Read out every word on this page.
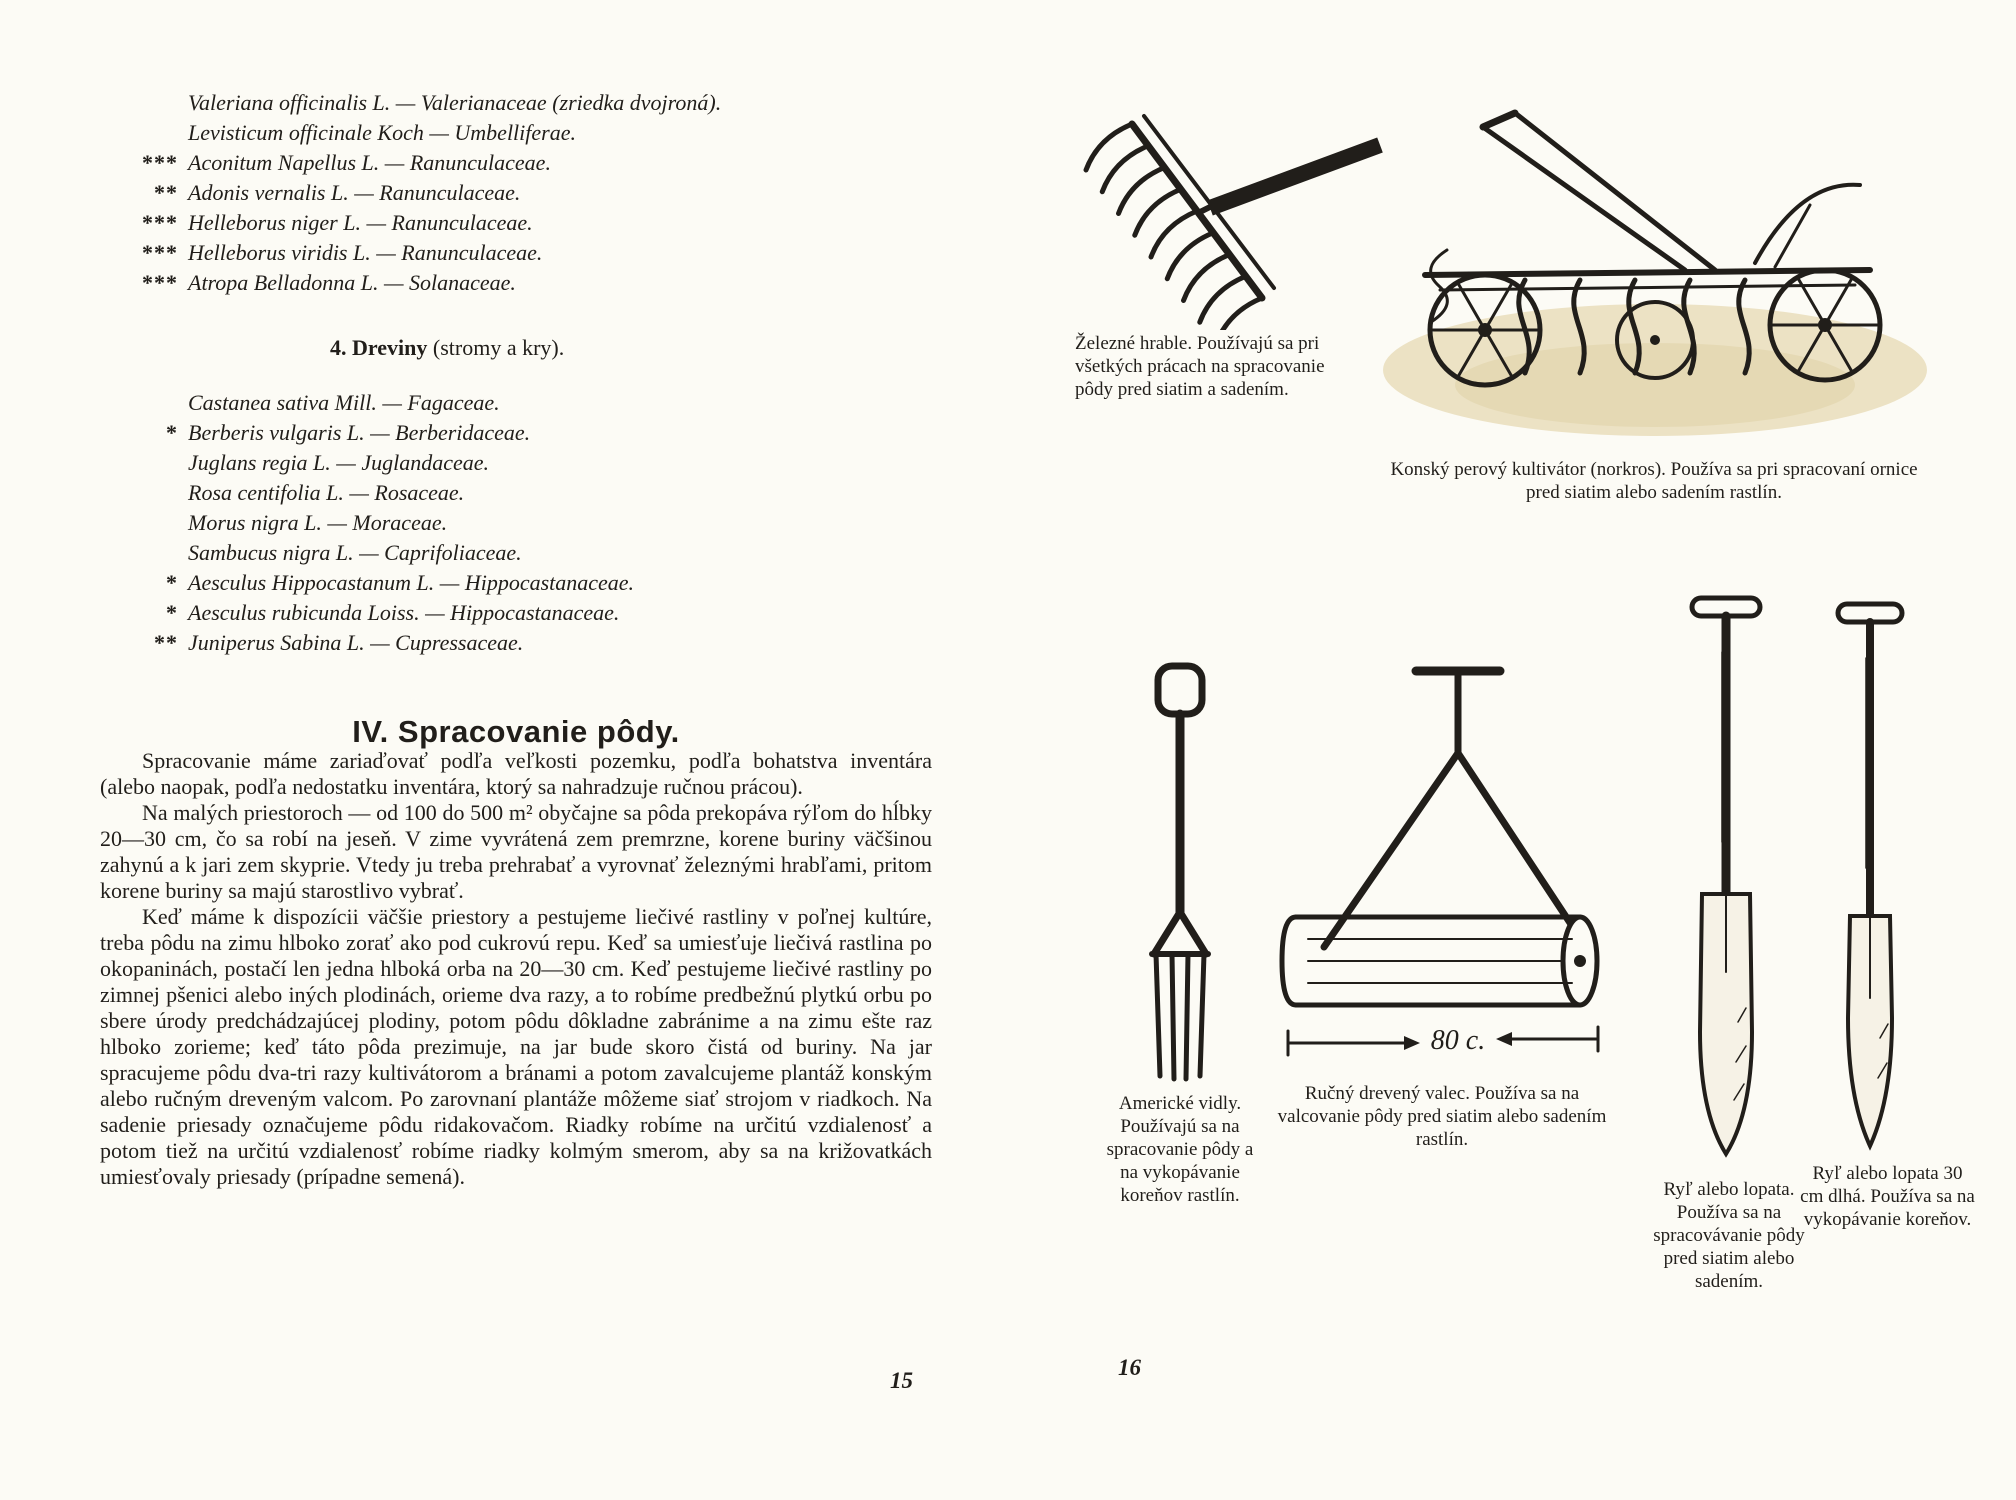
Valeriana officinalis L. — Valerianaceae (zriedka dvojroná).
Levisticum officinale Koch — Umbelliferae.
*** Aconitum Napellus L. — Ranunculaceae.
** Adonis vernalis L. — Ranunculaceae.
*** Helleborus niger L. — Ranunculaceae.
*** Helleborus viridis L. — Ranunculaceae.
*** Atropa Belladonna L. — Solanaceae.
4. Dreviny (stromy a kry).
Castanea sativa Mill. — Fagaceae.
* Berberis vulgaris L. — Berberidaceae.
Juglans regia L. — Juglandaceae.
Rosa centifolia L. — Rosaceae.
Morus nigra L. — Moraceae.
Sambucus nigra L. — Caprifoliaceae.
* Aesculus Hippocastanum L. — Hippocastanaceae.
* Aesculus rubicunda Loiss. — Hippocastanaceae.
** Juniperus Sabina L. — Cupressaceae.
IV. Spracovanie pôdy.

Spracovanie máme zariaďovať podľa veľkosti pozemku, podľa bohatstva inventára (alebo naopak, podľa nedostatku inventára, ktorý sa nahradzuje ručnou prácou).

Na malých priestoroch — od 100 do 500 m² obyčajne sa pôda prekopáva rýľom do hĺbky 20—30 cm, čo sa robí na jeseň. V zime vyvrátená zem premrzne, korene buriny väčšinou zahynú a k jari zem skyprie. Vtedy ju treba prehrabať a vyrovnať železnými hrabľami, pritom korene buriny sa majú starostlivo vybrať.

Keď máme k dispozícii väčšie priestory a pestujeme liečivé rastliny v poľnej kultúre, treba pôdu na zimu hlboko zorať ako pod cukrovú repu. Keď sa umiesťuje liečivá rastlina po okopaninách, postačí len jedna hlboká orba na 20—30 cm. Keď pestujeme liečivé rastliny po zimnej pšenici alebo iných plodinách, orieme dva razy, a to robíme predbežnú plytkú orbu po sbere úrody predchádzajúcej plodiny, potom pôdu dôkladne zabránime a na zimu ešte raz hlboko zorieme; keď táto pôda prezimuje, na jar bude skoro čistá od buriny. Na jar spracujeme pôdu dva-tri razy kultivátorom a bránami a potom zavalcujeme plantáž konským alebo ručným dreveným valcom. Po zarovnaní plantáže môžeme siať strojom v riadkoch. Na sadenie priesady označujeme pôdu ridakovačom. Riadky robíme na určitú vzdialenosť a potom tiež na určitú vzdialenosť robíme riadky kolmým smerom, aby sa na križovatkách umiesťovaly priesady (prípadne semená).

15
Železné hrable. Používajú sa pri všetkých prácach na spracovanie pôdy pred siatim a sadením.
Konský perový kultivátor (norkros). Používa sa pri spracovaní ornice pred siatim alebo sadením rastlín.
Americké vidly. Používajú sa na spracovanie pôdy a na vykopávanie koreňov rastlín.
80 c.
Ručný drevený valec. Používa sa na valcovanie pôdy pred siatim alebo sadením rastlín.
Ryľ alebo lopata. Používa sa na spracovávanie pôdy pred siatim alebo sadením.
Ryľ alebo lopata 30 cm dlhá. Používa sa na vykopávanie koreňov.
16
